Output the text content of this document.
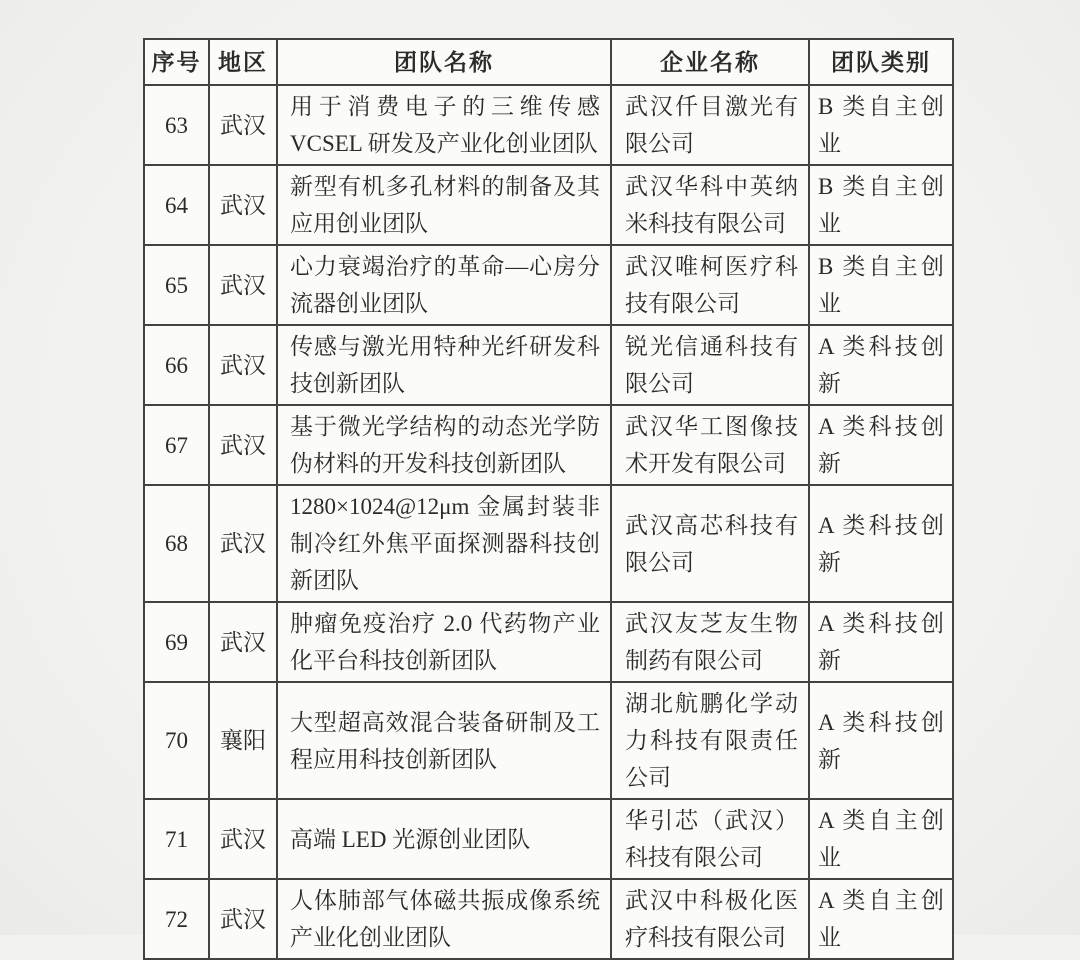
序号	地区	团队名称	企业名称	团队类别
63	武汉	用于消费电子的三维传感VCSEL 研发及产业化创业团队	武汉仟目激光有限公司	B 类自主创业
64	武汉	新型有机多孔材料的制备及其应用创业团队	武汉华科中英纳米科技有限公司	B 类自主创业
65	武汉	心力衰竭治疗的革命—心房分流器创业团队	武汉唯柯医疗科技有限公司	B 类自主创业
66	武汉	传感与激光用特种光纤研发科技创新团队	锐光信通科技有限公司	A 类科技创新
67	武汉	基于微光学结构的动态光学防伪材料的开发科技创新团队	武汉华工图像技术开发有限公司	A 类科技创新
68	武汉	1280×1024@12μm 金属封装非制冷红外焦平面探测器科技创新团队	武汉高芯科技有限公司	A 类科技创新
69	武汉	肿瘤免疫治疗 2.0 代药物产业化平台科技创新团队	武汉友芝友生物制药有限公司	A 类科技创新
70	襄阳	大型超高效混合装备研制及工程应用科技创新团队	湖北航鹏化学动力科技有限责任公司	A 类科技创新
71	武汉	高端 LED 光源创业团队	华引芯（武汉）科技有限公司	A 类自主创业
72	武汉	人体肺部气体磁共振成像系统产业化创业团队	武汉中科极化医疗科技有限公司	A 类自主创业
